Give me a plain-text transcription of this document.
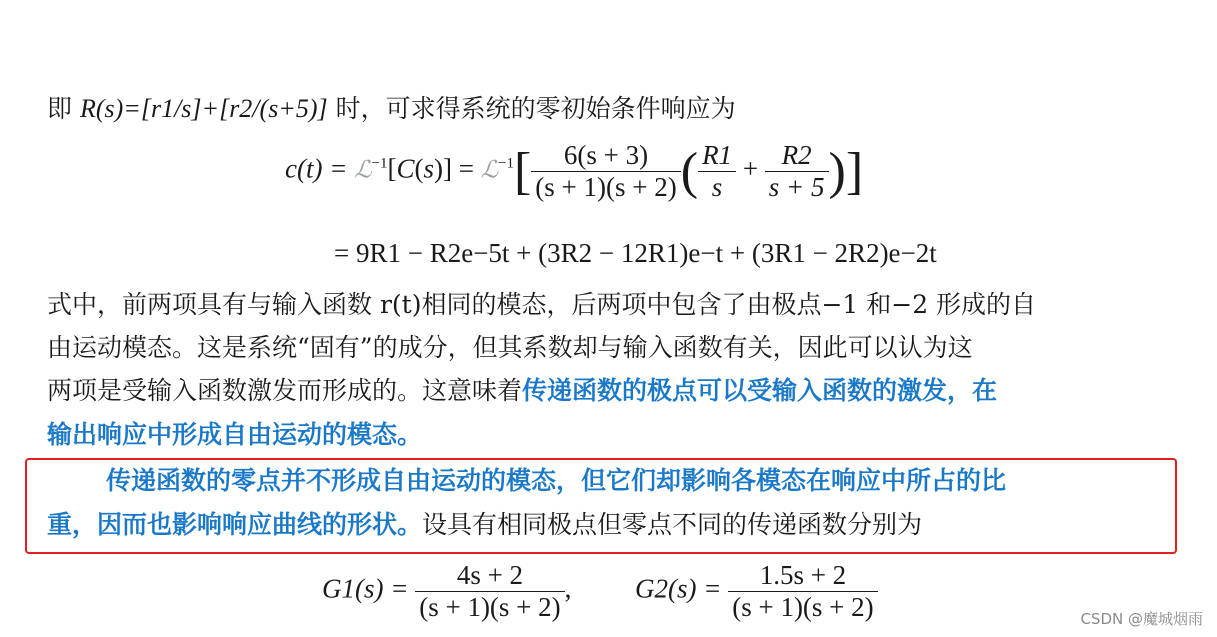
即 R(s)=[r1/s]+[r2/(s+5)] 时，可求得系统的零初始条件响应为
c(t) = ℒ$^{-1}$[C(s)] = ℒ$^{-1}$[ $\frac{6(s + 3)}{(s + 1)(s + 2)}$ ( $\frac{R1}{s} + \frac{R2}{s + 5}$ )]
= 9R1 − R2e−5t + (3R2 − 12R1)e−t + (3R1 − 2R2)e−2t
式中，前两项具有与输入函数 r(t)相同的模态，后两项中包含了由极点−1 和−2 形成的自
由运动模态。这是系统“固有”的成分，但其系数却与输入函数有关，因此可以认为这
两项是受输入函数激发而形成的。这意味着传递函数的极点可以受输入函数的激发，在
输出响应中形成自由运动的模态。
传递函数的零点并不形成自由运动的模态，但它们却影响各模态在响应中所占的比
重，因而也影响响应曲线的形状。设具有相同极点但零点不同的传递函数分别为
$G1(s) = \frac{4s + 2}{(s + 1)(s + 2)}$ , $G2(s) = \frac{1.5s + 2}{(s + 1)(s + 2)}$	CSDN @魔城烟雨
